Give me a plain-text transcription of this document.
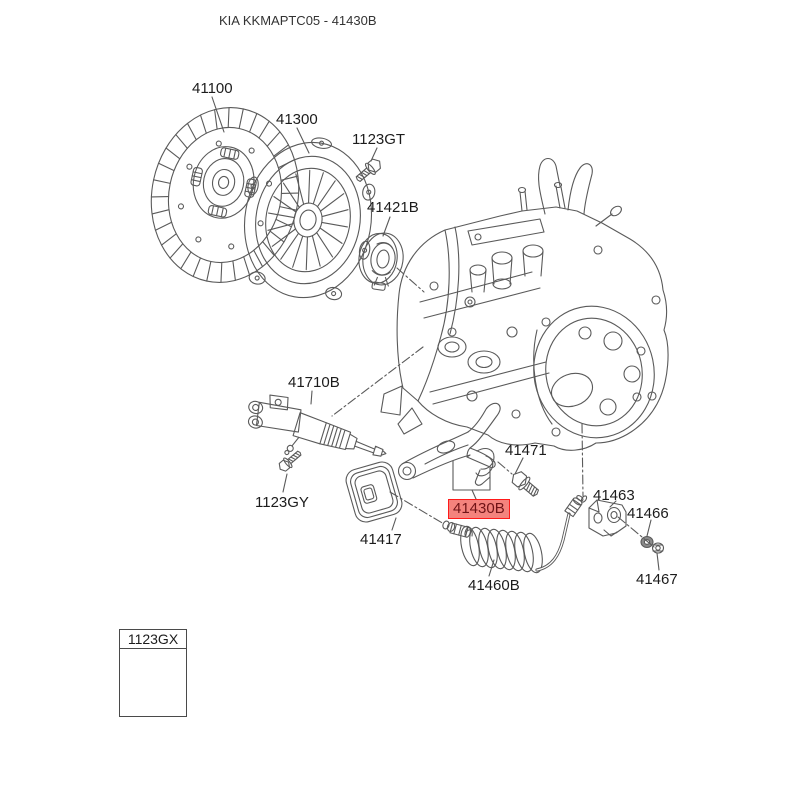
KIA KKMAPTC05 - 41430B
41100
41300
1123GT
41421B
41710B
41471
1123GY
41417
41430B
41463
41466
41460B	41467
1123GX
